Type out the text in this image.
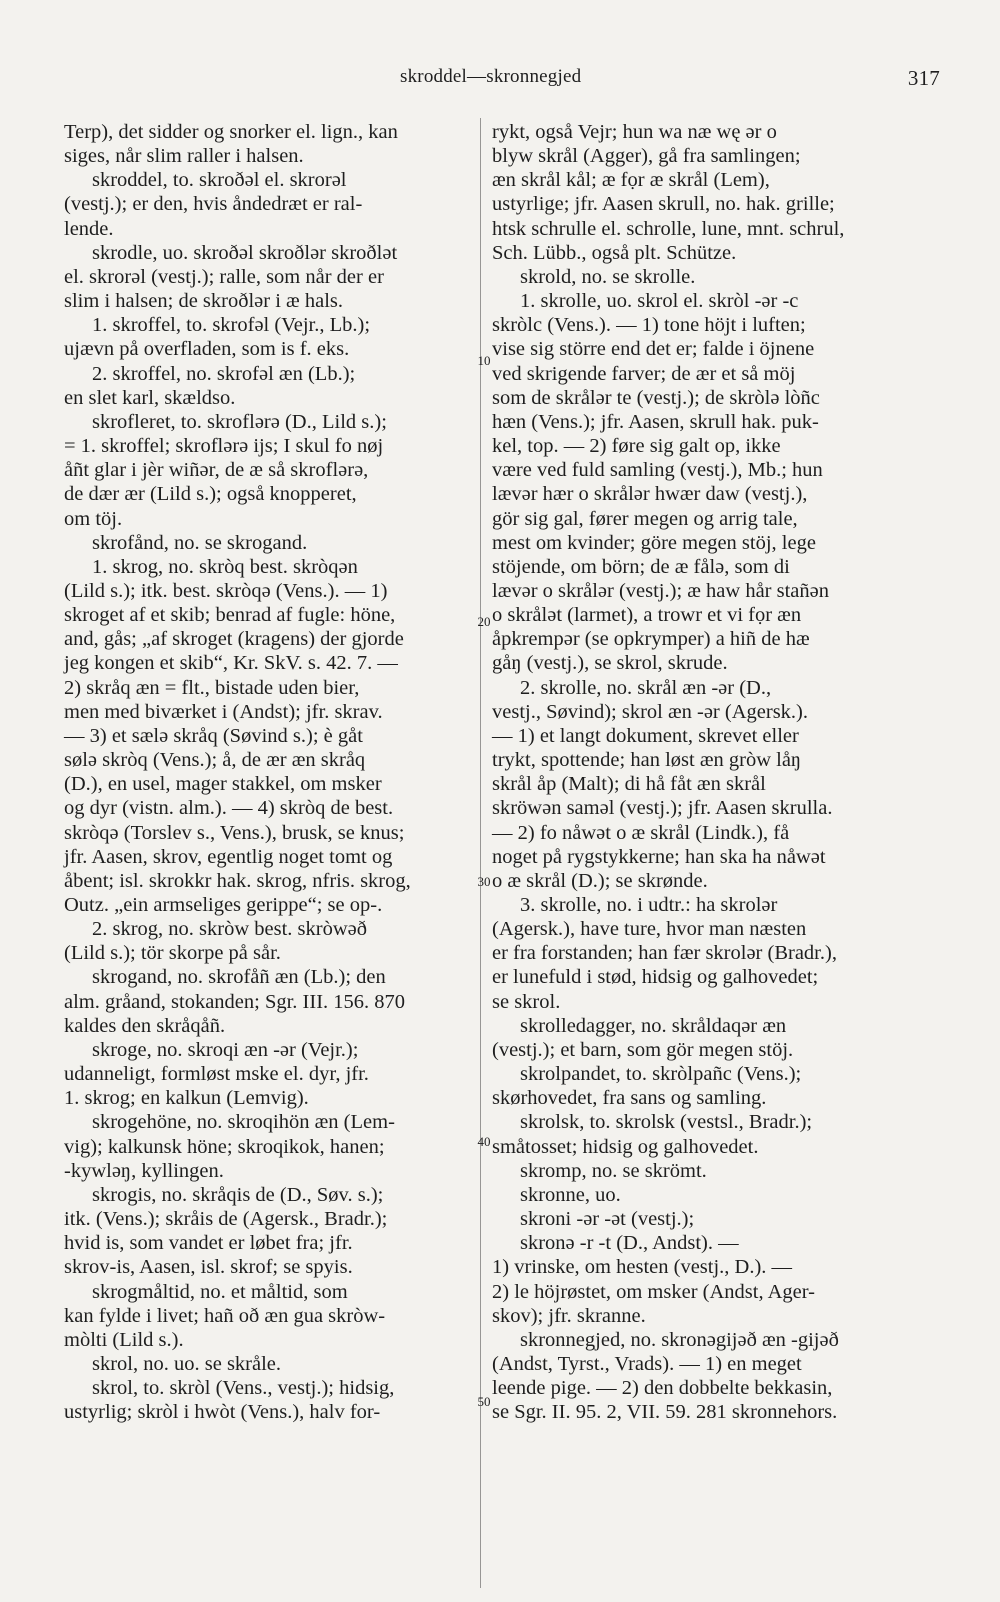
skroddel—skronnegjed	317
10
20
30
40
50
Terp), det sidder og snorker el. lign., kan
siges, når slim raller i halsen.
skroddel, to. skroðəl el. skrorəl
(vestj.); er den, hvis åndedræt er ral-
lende.
skrodle, uo. skroðəl skroðlər skroðlət
el. skrorəl (vestj.); ralle, som når der er
slim i halsen; de skroðlər i æ hals.
1. skroffel, to. skrofəl (Vejr., Lb.);
ujævn på overfladen, som is f. eks.
2. skroffel, no. skrofəl æn (Lb.);
en slet karl, skældso.
skrofleret, to. skroflərə (D., Lild s.);
= 1. skroffel; skroflərə ijs; I skul fo nøj
åñt glar i jèr wiñər, de æ så skroflərə,
de dær ær (Lild s.); også knopperet,
om töj.
skrofånd, no. se skrogand.
1. skrog, no. skròq best. skròqən
(Lild s.); itk. best. skròqə (Vens.). — 1)
skroget af et skib; benrad af fugle: höne,
and, gås; „af skroget (kragens) der gjorde
jeg kongen et skib“, Kr. SkV. s. 42. 7. —
2) skråq æn = flt., bistade uden bier,
men med biværket i (Andst); jfr. skrav.
— 3) et sælə skråq (Søvind s.); è gåt
sølə skròq (Vens.); å, de ær æn skråq
(D.), en usel, mager stakkel, om msker
og dyr (vistn. alm.). — 4) skròq de best.
skròqə (Torslev s., Vens.), brusk, se knus;
jfr. Aasen, skrov, egentlig noget tomt og
åbent; isl. skrokkr hak. skrog, nfris. skrog,
Outz. „ein armseliges gerippe“; se op-.
2. skrog, no. skròw best. skròwəð
(Lild s.); tör skorpe på sår.
skrogand, no. skrofåñ æn (Lb.); den
alm. gråand, stokanden; Sgr. III. 156. 870
kaldes den skråqåñ.
skroge, no. skroqi æn -ər (Vejr.);
udanneligt, formløst mske el. dyr, jfr.
1. skrog; en kalkun (Lemvig).
skrogehöne, no. skroqihön æn (Lem-
vig); kalkunsk höne; skroqikok, hanen;
-kywləŋ, kyllingen.
skrogis, no. skråqis de (D., Søv. s.);
itk. (Vens.); skråis de (Agersk., Bradr.);
hvid is, som vandet er løbet fra; jfr.
skrov-is, Aasen, isl. skrof; se spyis.
skrogmåltid, no. et måltid, som
kan fylde i livet; hañ oð æn gua skròw-
mòlti (Lild s.).
skrol, no. uo. se skråle.
skrol, to. skròl (Vens., vestj.); hidsig,
ustyrlig; skròl i hwòt (Vens.), halv for-
rykt, også Vejr; hun wa næ wę ər o
blyw skrål (Agger), gå fra samlingen;
æn skrål kål; æ fọr æ skrål (Lem),
ustyrlige; jfr. Aasen skrull, no. hak. grille;
htsk schrulle el. schrolle, lune, mnt. schrul,
Sch. Lübb., også plt. Schütze.
skrold, no. se skrolle.
1. skrolle, uo. skrol el. skròl -ər -c
skròlc (Vens.). — 1) tone höjt i luften;
vise sig större end det er; falde i öjnene
ved skrigende farver; de ær et så möj
som de skrålər te (vestj.); de skròlə lòñc
hæn (Vens.); jfr. Aasen, skrull hak. puk-
kel, top. — 2) føre sig galt op, ikke
være ved fuld samling (vestj.), Mb.; hun
lævər hær o skrålər hwær daw (vestj.),
gör sig gal, fører megen og arrig tale,
mest om kvinder; göre megen stöj, lege
stöjende, om börn; de æ fålə, som di
lævər o skrålər (vestj.); æ haw hår stañən
o skrålət (larmet), a trowr et vi fọr æn
åpkrempər (se opkrymper) a hiñ de hæ
gåŋ (vestj.), se skrol, skrude.
2. skrolle, no. skrål æn -ər (D.,
vestj., Søvind); skrol æn -ər (Agersk.).
— 1) et langt dokument, skrevet eller
trykt, spottende; han løst æn gròw låŋ
skrål åp (Malt); di hå fåt æn skrål
skröwən saməl (vestj.); jfr. Aasen skrulla.
— 2) fo nåwət o æ skrål (Lindk.), få
noget på rygstykkerne; han ska ha nåwət
o æ skrål (D.); se skrønde.
3. skrolle, no. i udtr.: ha skrolər
(Agersk.), have ture, hvor man næsten
er fra forstanden; han fær skrolər (Bradr.),
er lunefuld i stød, hidsig og galhovedet;
se skrol.
skrolledagger, no. skråldaqər æn
(vestj.); et barn, som gör megen stöj.
skrolpandet, to. skròlpañc (Vens.);
skørhovedet, fra sans og samling.
skrolsk, to. skrolsk (vestsl., Bradr.);
småtosset; hidsig og galhovedet.
skromp, no. se skrömt.
skronne, uo.
skroni -ər -ət (vestj.);
skronə -r -t (D., Andst). —
1) vrinske, om hesten (vestj., D.). —
2) le höjrøstet, om msker (Andst, Ager-
skov); jfr. skranne.
skronnegjed, no. skronəgijəð æn -gijəð
(Andst, Tyrst., Vrads). — 1) en meget
leende pige. — 2) den dobbelte bekkasin,
se Sgr. II. 95. 2, VII. 59. 281 skronnehors.
